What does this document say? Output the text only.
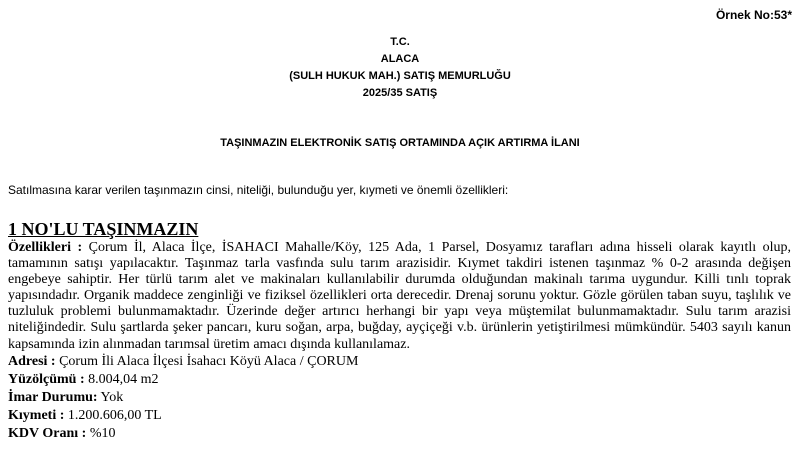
Örnek No:53*
T.C.
ALACA
(SULH HUKUK MAH.) SATIŞ MEMURLUĞU
2025/35 SATIŞ
TAŞINMAZIN ELEKTRONİK SATIŞ ORTAMINDA AÇIK ARTIRMA İLANI
Satılmasına karar verilen taşınmazın cinsi, niteliği, bulunduğu yer, kıymeti ve önemli özellikleri:
1 NO'LU TAŞINMAZIN

Özellikleri : Çorum İl, Alaca İlçe, İSAHACI Mahalle/Köy, 125 Ada, 1 Parsel, Dosyamız tarafları adına hisseli olarak kayıtlı olup, tamamının satışı yapılacaktır. Taşınmaz tarla vasfında sulu tarım arazisidir. Kıymet takdiri istenen taşınmaz % 0-2 arasında değişen engebeye sahiptir. Her türlü tarım alet ve makinaları kullanılabilir durumda olduğundan makinalı tarıma uygundur. Killi tınlı toprak yapısındadır. Organik maddece zenginliği ve fiziksel özellikleri orta derecedir. Drenaj sorunu yoktur. Gözle görülen taban suyu, taşlılık ve tuzluluk problemi bulunmamaktadır. Üzerinde değer artırıcı herhangi bir yapı veya müştemilat bulunmamaktadır. Sulu tarım arazisi niteliğindedir. Sulu şartlarda şeker pancarı, kuru soğan, arpa, buğday, ayçiçeği v.b. ürünlerin yetiştirilmesi mümkündür. 5403 sayılı kanun kapsamında izin alınmadan tarımsal üretim amacı dışında kullanılamaz.

Adresi : Çorum İli Alaca İlçesi İsahacı Köyü Alaca / ÇORUM

Yüzölçümü : 8.004,04 m2

İmar Durumu: Yok

Kıymeti : 1.200.606,00 TL

KDV Oranı : %10
